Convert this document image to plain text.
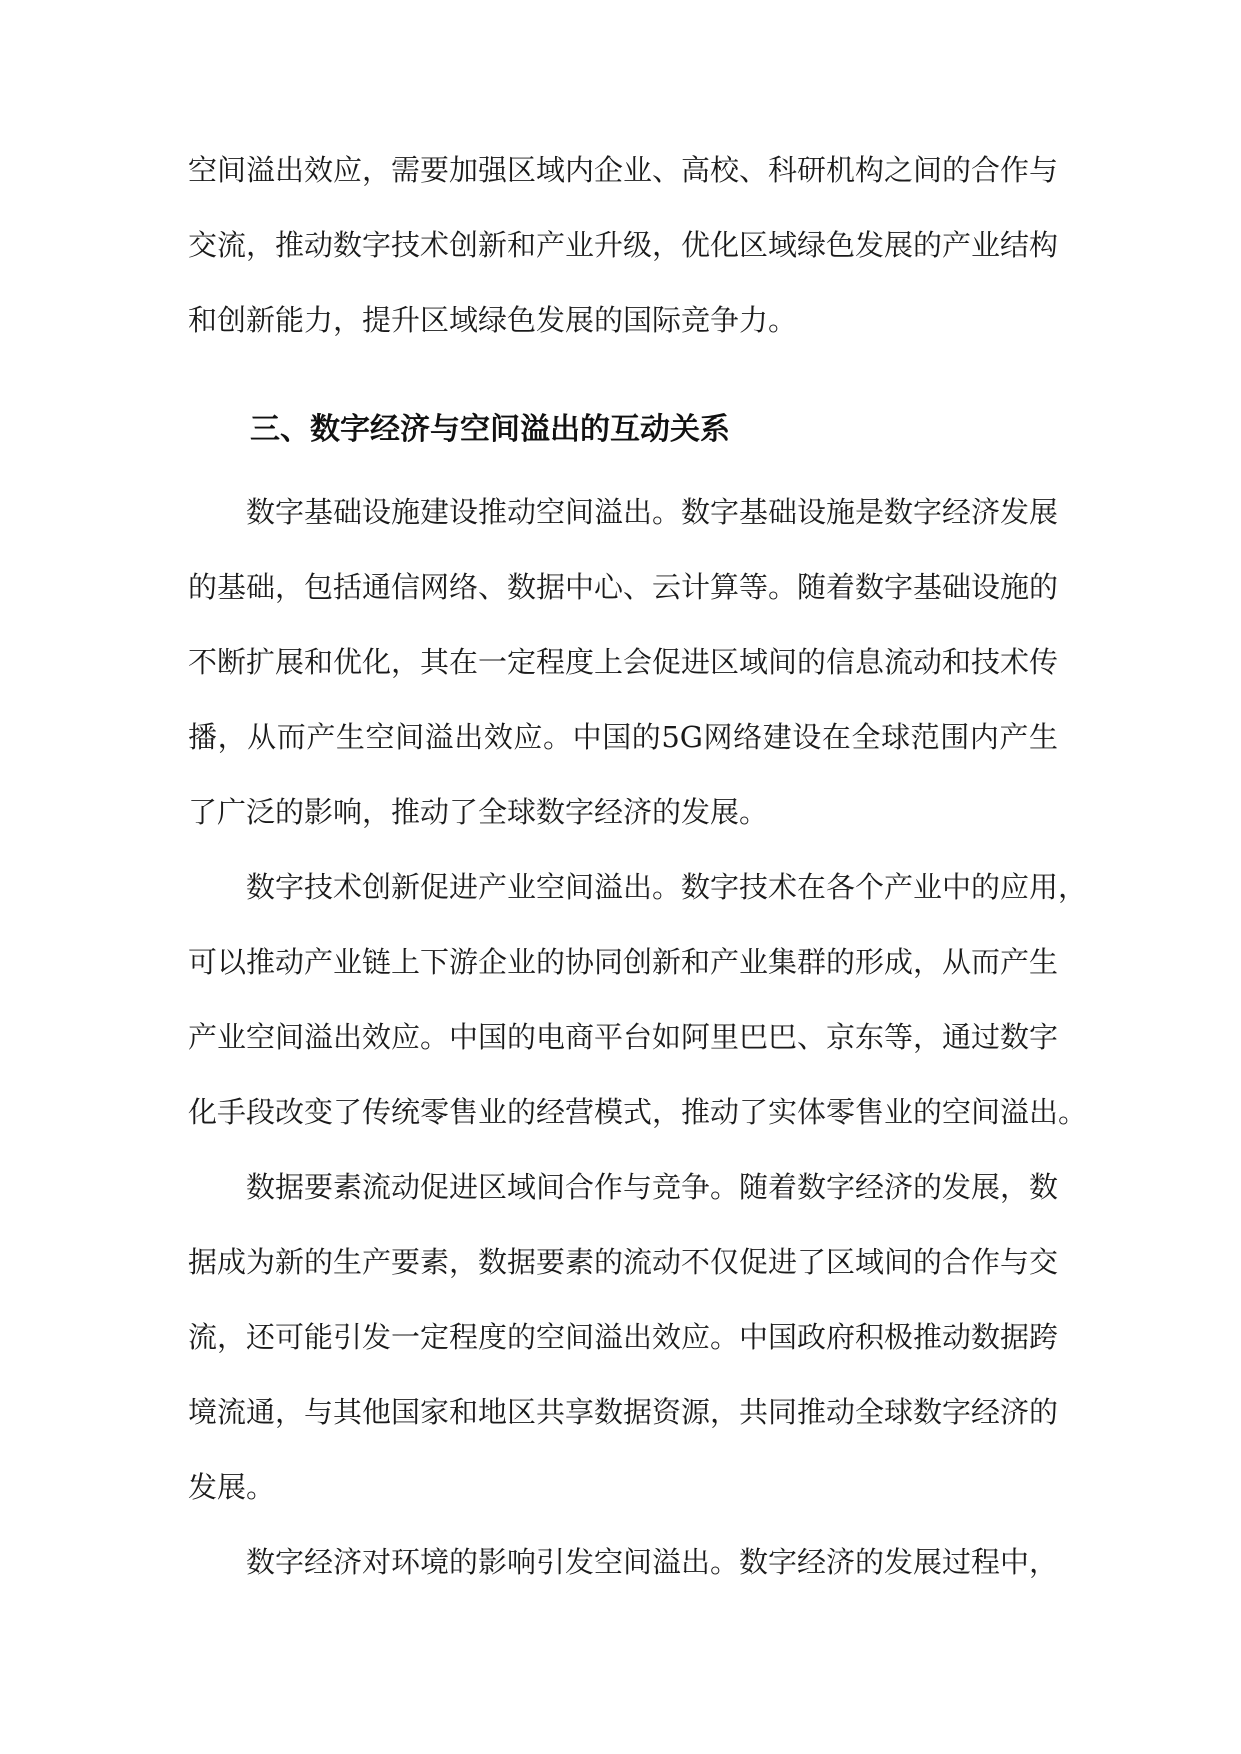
空间溢出效应，需要加强区域内企业、高校、科研机构之间的合作与
交流，推动数字技术创新和产业升级，优化区域绿色发展的产业结构
和创新能力，提升区域绿色发展的国际竞争力。
三、数字经济与空间溢出的互动关系
数字基础设施建设推动空间溢出。数字基础设施是数字经济发展
的基础，包括通信网络、数据中心、云计算等。随着数字基础设施的
不断扩展和优化，其在一定程度上会促进区域间的信息流动和技术传
播，从而产生空间溢出效应。中国的5G网络建设在全球范围内产生
了广泛的影响，推动了全球数字经济的发展。
数字技术创新促进产业空间溢出。数字技术在各个产业中的应用，
可以推动产业链上下游企业的协同创新和产业集群的形成，从而产生
产业空间溢出效应。中国的电商平台如阿里巴巴、京东等，通过数字
化手段改变了传统零售业的经营模式，推动了实体零售业的空间溢出。
数据要素流动促进区域间合作与竞争。随着数字经济的发展，数
据成为新的生产要素，数据要素的流动不仅促进了区域间的合作与交
流，还可能引发一定程度的空间溢出效应。中国政府积极推动数据跨
境流通，与其他国家和地区共享数据资源，共同推动全球数字经济的
发展。
数字经济对环境的影响引发空间溢出。数字经济的发展过程中，
